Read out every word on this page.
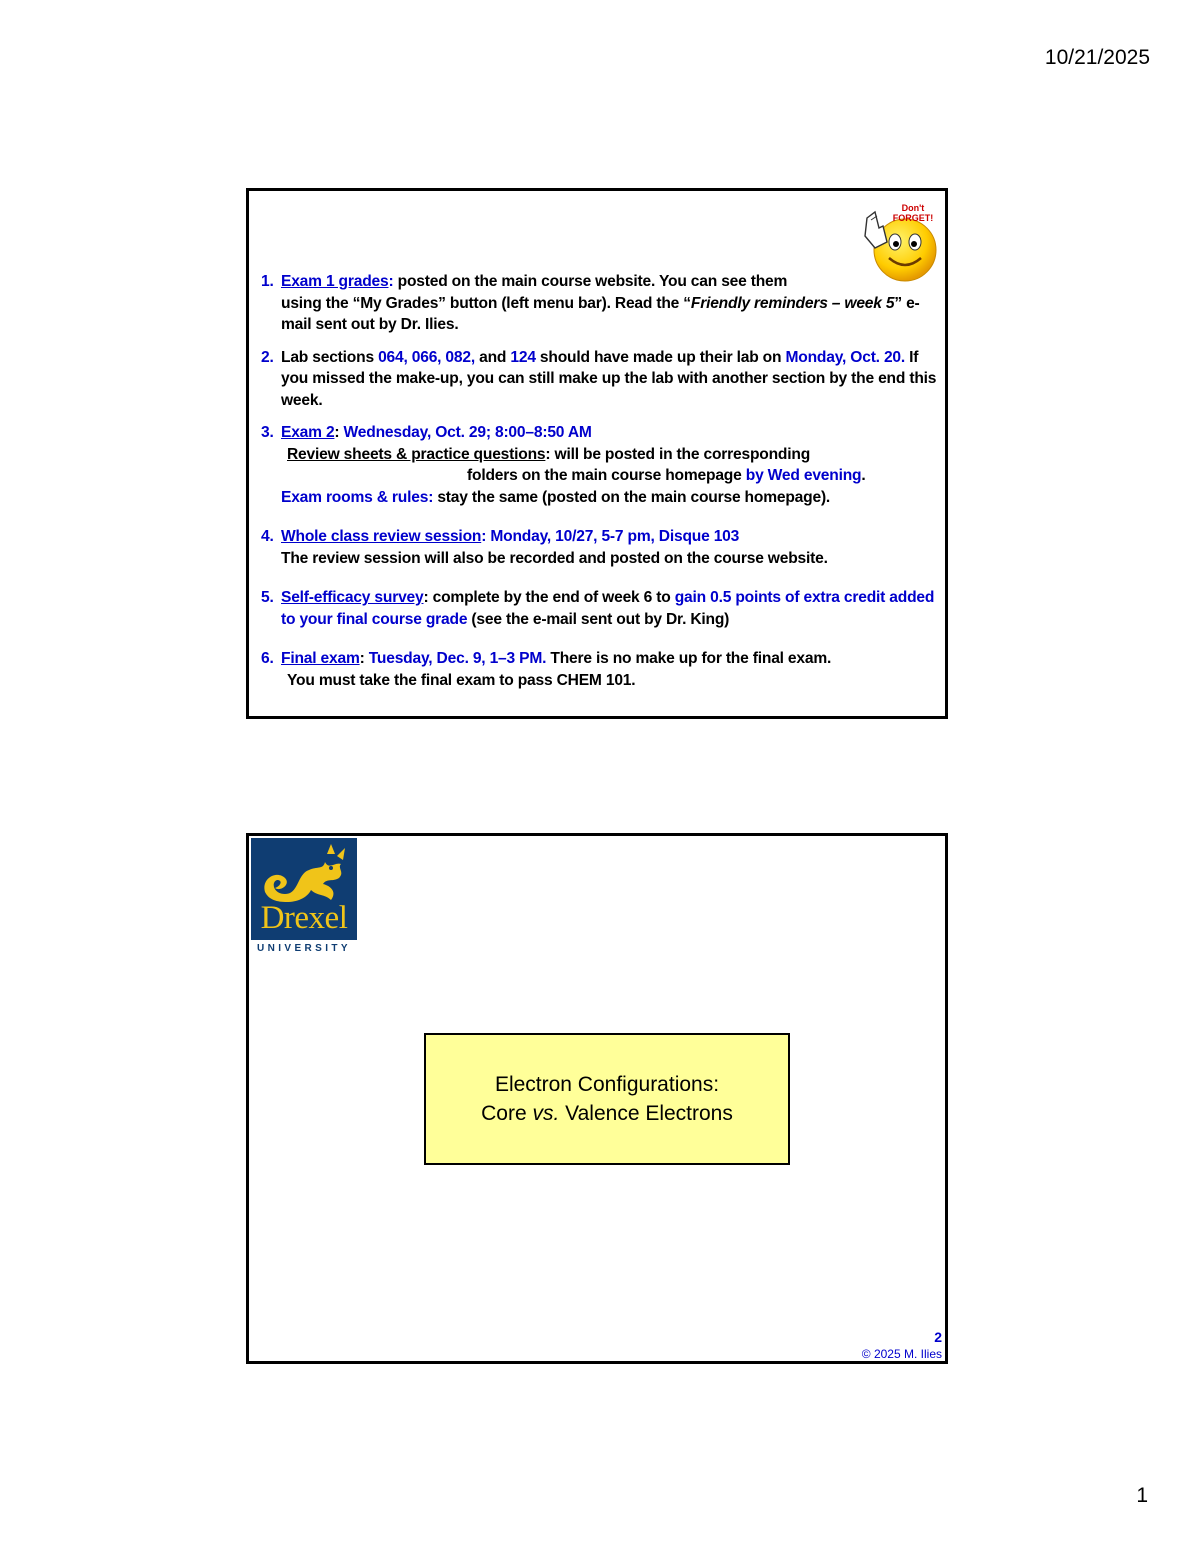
10/21/2025
Don't
FORGET!
1. Exam 1 grades: posted on the main course website. You can see them
using the “My Grades” button (left menu bar). Read the “Friendly reminders – week 5” e-mail sent out by Dr. Ilies.
2. Lab sections 064, 066, 082, and 124 should have made up their lab on Monday, Oct. 20. If you missed the make-up, you can still make up the lab with another section by the end this week.
3. Exam 2: Wednesday, Oct. 29; 8:00–8:50 AM
Review sheets & practice questions: will be posted in the corresponding

folders on the main course homepage by Wed evening.
Exam rooms & rules: stay the same (posted on the main course homepage).
4. Whole class review session: Monday, 10/27, 5-7 pm, Disque 103
The review session will also be recorded and posted on the course website.
5. Self-efficacy survey: complete by the end of week 6 to gain 0.5 points of extra credit added to your final course grade (see the e-mail sent out by Dr. King)
6. Final exam: Tuesday, Dec. 9, 1–3 PM. There is no make up for the final exam.
You must take the final exam to pass CHEM 101.
Drexel
UNIVERSITY
Electron Configurations:
Core vs. Valence Electrons
2
© 2025 M. Ilies
1
